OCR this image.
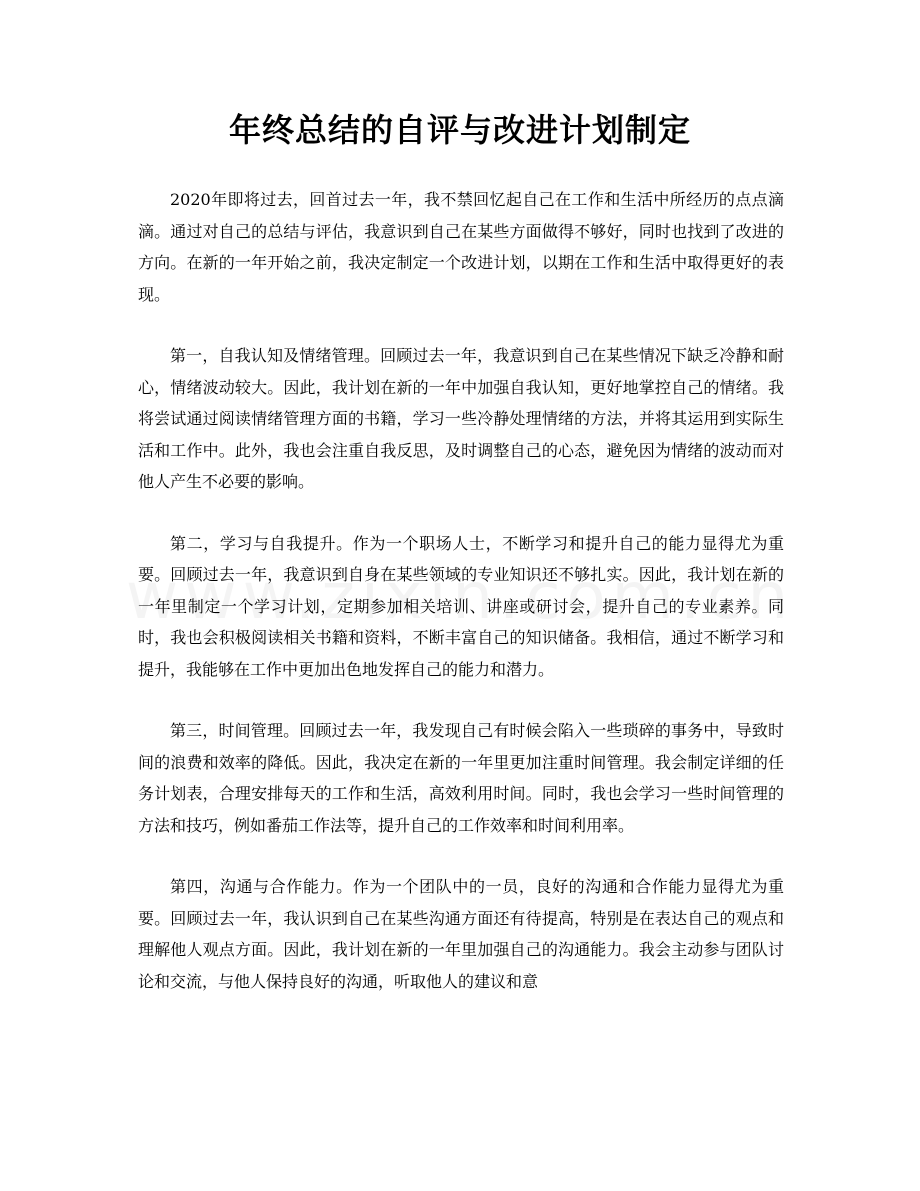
年终总结的自评与改进计划制定

2020年即将过去，回首过去一年，我不禁回忆起自己在工作和生活中所经历的点点滴滴。通过对自己的总结与评估，我意识到自己在某些方面做得不够好，同时也找到了改进的方向。在新的一年开始之前，我决定制定一个改进计划，以期在工作和生活中取得更好的表现。

第一，自我认知及情绪管理。回顾过去一年，我意识到自己在某些情况下缺乏冷静和耐心，情绪波动较大。因此，我计划在新的一年中加强自我认知，更好地掌控自己的情绪。我将尝试通过阅读情绪管理方面的书籍，学习一些冷静处理情绪的方法，并将其运用到实际生活和工作中。此外，我也会注重自我反思，及时调整自己的心态，避免因为情绪的波动而对他人产生不必要的影响。

第二，学习与自我提升。作为一个职场人士，不断学习和提升自己的能力显得尤为重要。回顾过去一年，我意识到自身在某些领域的专业知识还不够扎实。因此，我计划在新的一年里制定一个学习计划，定期参加相关培训、讲座或研讨会，提升自己的专业素养。同时，我也会积极阅读相关书籍和资料，不断丰富自己的知识储备。我相信，通过不断学习和提升，我能够在工作中更加出色地发挥自己的能力和潜力。

第三，时间管理。回顾过去一年，我发现自己有时候会陷入一些琐碎的事务中，导致时间的浪费和效率的降低。因此，我决定在新的一年里更加注重时间管理。我会制定详细的任务计划表，合理安排每天的工作和生活，高效利用时间。同时，我也会学习一些时间管理的方法和技巧，例如番茄工作法等，提升自己的工作效率和时间利用率。

第四，沟通与合作能力。作为一个团队中的一员，良好的沟通和合作能力显得尤为重要。回顾过去一年，我认识到自己在某些沟通方面还有待提高，特别是在表达自己的观点和理解他人观点方面。因此，我计划在新的一年里加强自己的沟通能力。我会主动参与团队讨论和交流，与他人保持良好的沟通，听取他人的建议和意
